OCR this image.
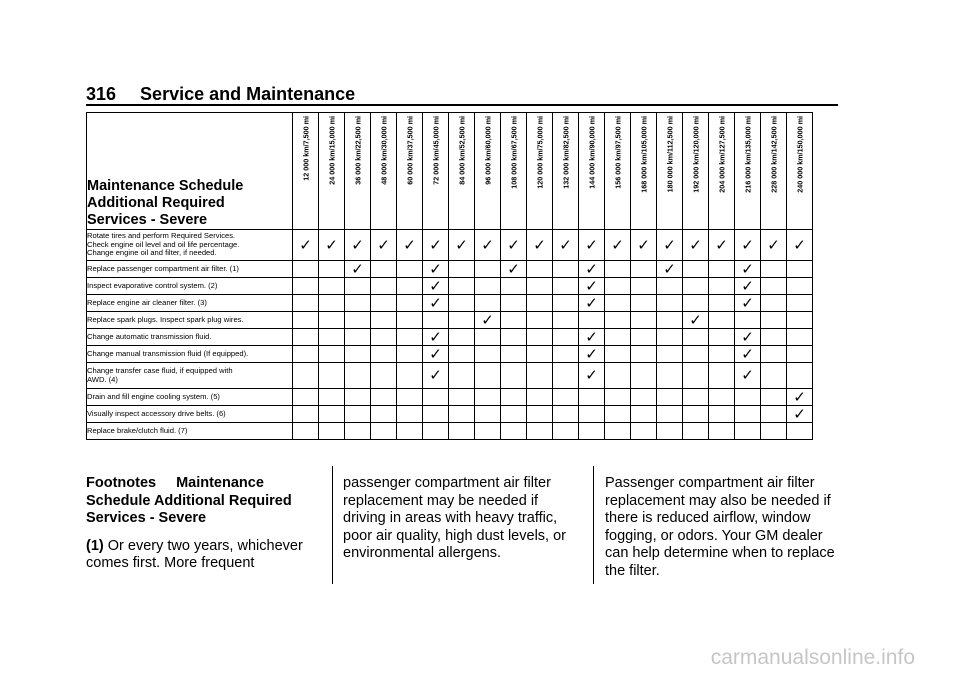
316 Service and Maintenance
Maintenance Schedule
Additional Required
Services - Severe	12 000 km/7,500 mi	24 000 km/15,000 mi	36 000 km/22,500 mi	48 000 km/30,000 mi	60 000 km/37,500 mi	72 000 km/45,000 mi	84 000 km/52,500 mi	96 000 km/60,000 mi	108 000 km/67,500 mi	120 000 km/75,000 mi	132 000 km/82,500 mi	144 000 km/90,000 mi	156 000 km/97,500 mi	168 000 km/105,000 mi	180 000 km/112,500 mi	192 000 km/120,000 mi	204 000 km/127,500 mi	216 000 km/135,000 mi	228 000 km/142,500 mi	240 000 km/150,000 mi

Rotate tires and perform Required Services.
Check engine oil level and oil life percentage.
Change engine oil and filter, if needed.	✓	✓	✓	✓	✓	✓	✓	✓	✓	✓	✓	✓	✓	✓	✓	✓	✓	✓	✓	✓

Replace passenger compartment air filter. (1)			✓			✓			✓			✓			✓			✓		

Inspect evaporative control system. (2)						✓						✓						✓		

Replace engine air cleaner filter. (3)						✓						✓						✓		

Replace spark plugs. Inspect spark plug wires.								✓								✓				

Change automatic transmission fluid.						✓						✓						✓		

Change manual transmission fluid (If equipped).						✓						✓						✓		

Change transfer case fluid, if equipped with
AWD. (4)						✓						✓						✓		

Drain and fill engine cooling system. (5)																				✓

Visually inspect accessory drive belts. (6)																				✓

Replace brake/clutch fluid. (7)																				

Footnotes Maintenance
Schedule Additional Required
Services - Severe

(1) Or every two years, whichever comes first. More frequent

passenger compartment air filter replacement may be needed if driving in areas with heavy traffic, poor air quality, high dust levels, or environmental allergens.

Passenger compartment air filter replacement may also be needed if there is reduced airflow, window fogging, or odors. Your GM dealer can help determine when to replace the filter.

carmanualsonline.info
